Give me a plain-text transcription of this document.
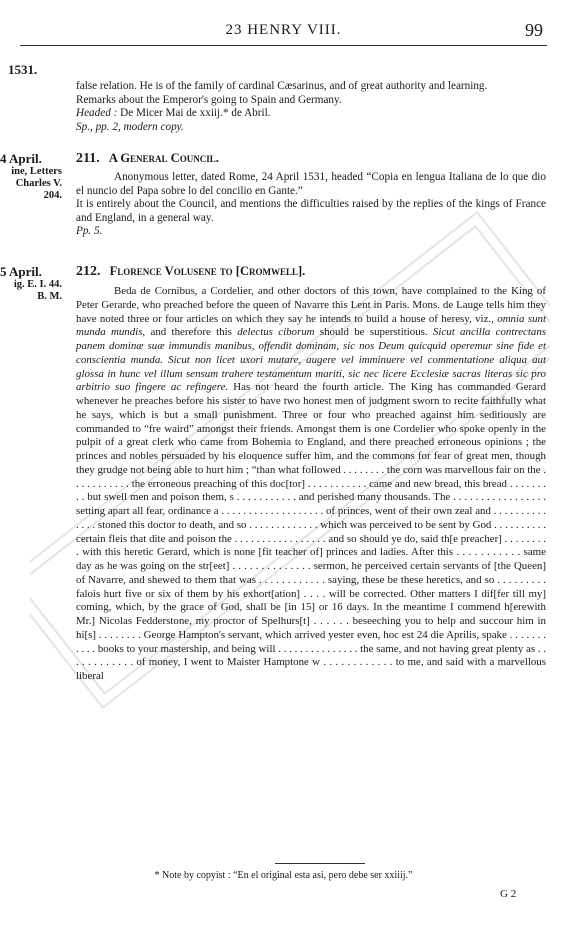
23 HENRY VIII.	99
1531.

false relation. He is of the family of cardinal Cæsarinus, and of great authority and learning.

Remarks about the Emperor's going to Spain and Germany.

Headed : De Micer Mai de xxiij.* de Abril.

Sp., pp. 2, modern copy.

4 April.
ine, Letters
Charles V.
204.
211. A General Council.

Anonymous letter, dated Rome, 24 April 1531, headed “Copia en lengua Italiana de lo que dio el nuncio del Papa sobre lo del concilio en Gante.”

It is entirely about the Council, and mentions the difficulties raised by the replies of the kings of France and England, in a general way.

Pp. 5.

5 April.
ig. E. I. 44.
B. M.
212. Florence Volusene to [Cromwell].

Beda de Cornibus, a Cordelier, and other doctors of this town, have complained to the King of Peter Gerarde, who preached before the queen of Navarre this Lent in Paris. Mons. de Lauge tells him they have noted three or four articles on which they say he intends to build a house of heresy, viz., omnia sunt munda mundis, and therefore this delectus ciborum should be superstitious. Sicut ancilla contrectans panem dominæ suæ immundis manibus, offendit dominam, sic nos Deum quicquid operemur sine fide et conscientia munda. Sicut non licet uxori mutare, augere vel imminuere vel commentatione aliqua aut glossa in hunc vel illum sensum trahere testamentum mariti, sic nec licere Ecclesiæ sacras literas sic pro arbitrio suo fingere ac refingere. Has not heard the fourth article. The King has commanded Gerard whenever he preaches before his sister to have two honest men of judgment sworn to recite faithfully what he says, which is but a small punishment. Three or four who preached against him seditiously are commanded to “fre waird” amongst their friends. Amongst them is one Cordelier who spoke openly in the pulpit of a great clerk who came from Bohemia to England, and there preached erroneous opinions ; the princes and nobles persuaded by his eloquence suffer him, and the commons for fear of great men, though they grudge not being able to hurt him ; “than what followed . . . . . . . . the corn was marvellous fair on the . . . . . . . . . . . the erroneous preaching of this doc[tor] . . . . . . . . . . . came and new bread, this bread . . . . . . . . . but swell men and poison them, s . . . . . . . . . . . and perished many thousands. The . . . . . . . . . . . . . . . . . setting apart all fear, ordinance a . . . . . . . . . . . . . . . . . . . of princes, went of their own zeal and . . . . . . . . . . . . . . stoned this doctor to death, and so . . . . . . . . . . . . . which was perceived to be sent by God . . . . . . . . . . certain fleis that dite and poison the . . . . . . . . . . . . . . . . . and so should ye do, said th[e preacher] . . . . . . . . . with this heretic Gerard, which is none [fit teacher of] princes and ladies. After this . . . . . . . . . . . same day as he was going on the str[eet] . . . . . . . . . . . . . . sermon, he perceived certain servants of [the Queen] of Navarre, and shewed to them that was . . . . . . . . . . . . saying, these be these heretics, and so . . . . . . . . . falois hurt five or six of them by his exhort[ation] . . . . will be corrected. Other matters I dif[fer till my] coming, which, by the grace of God, shall be [in 15] or 16 days. In the meantime I commend h[erewith Mr.] Nicolas Fedderstone, my proctor of Spelhurs[t] . . . . . . beseeching you to help and succour him in hi[s] . . . . . . . . George Hampton's servant, which arrived yester even, hoc est 24 die Aprilis, spake . . . . . . . . . . . books to your mastership, and being will . . . . . . . . . . . . . . . the same, and not having great plenty as . . . . . . . . . . . . of money, I went to Maister Hamptone w . . . . . . . . . . . . to me, and said with a marvellous liberal

* Note by copyist : “En el original esta asi, pero debe ser xxiiij.”
G 2
